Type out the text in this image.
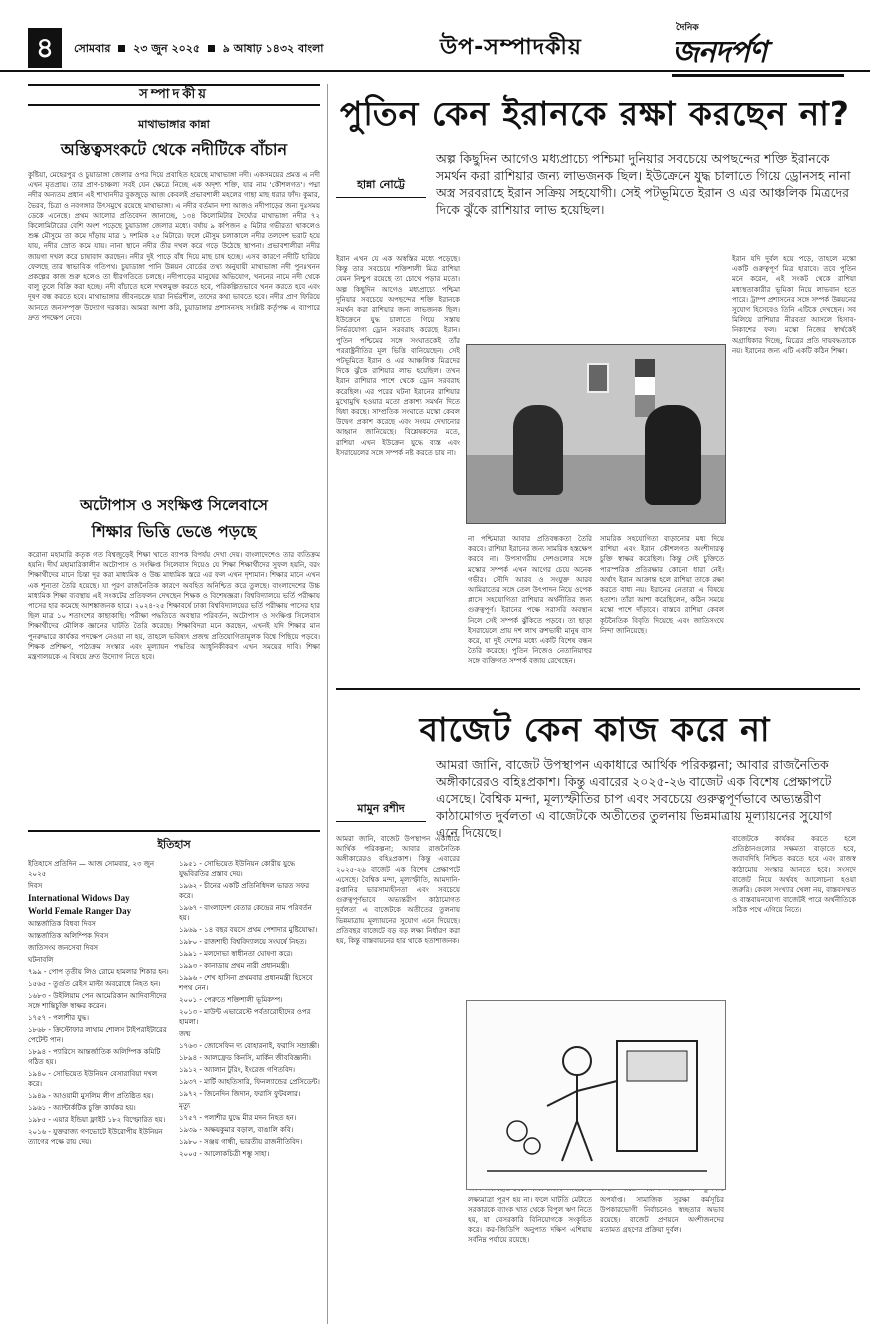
৪	সোমবার ২৩ জুন ২০২৫ ৯ আষাঢ় ১৪৩২ বাংলা	উপ-সম্পাদকীয়
দৈনিক
জনদর্পণ
সম্পাদকীয়
মাথাভাঙ্গার কান্না
অস্তিত্বসংকটে থেকে নদীটিকে বাঁচান
কুষ্টিয়া, মেহেরপুর ও চুয়াডাঙ্গা জেলার ওপর দিয়ে প্রবাহিত হয়েছে মাথাভাঙ্গা নদী। একসময়ের প্রমত্ত এ নদী এখন মৃতপ্রায়। তার প্রাণ-চাঞ্চল্য সবই যেন ক্ষেত্রে নিচ্ছে এক অদৃশ্য শক্তি, যার নাম 'কৌশলগত'। পদ্মা নদীর অন্যতম প্রধান এই শাখানদীর বুকজুড়ে আজ কেবলই প্রভাবশালী মহলের গাছা মাছ ধরার ফাঁদ। কুমার, ভৈরব, চিত্রা ও নবগঙ্গার উৎসমুখে রয়েছে মাথাভাঙ্গা। এ নদীর বর্তমান দশা আজও নদীপাড়ের জন্য দুঃসময় ডেকে এনেছে। প্রথম আলোর প্রতিবেদন জানাচ্ছে, ১৩৪ কিলোমিটার দৈর্ঘ্যের মাথাভাঙ্গা নদীর ৭২ কিলোমিটারের বেশি অংশ পড়েছে চুয়াডাঙ্গা জেলার মধ্যে। বর্ষায় ৯ কপিজন ৫ মিটার গভীরতা থাকলেও শুষ্ক মৌসুমে তা কমে দাঁড়ায় মাত্র ১ দশমিক ২৫ মিটারে। ফলে মৌসুম চলাকালে নদীর তলদেশ ভরাট হয়ে যায়, নদীর স্রোত কমে যায়। নানা স্থানে নদীর তীর দখল করে গড়ে উঠেছে স্থাপনা। প্রভাবশালীরা নদীর জায়গা দখল করে চাষাবাদ করছেন। নদীর দুই পাড়ে বাঁধ দিয়ে মাছ চাষ হচ্ছে। এসব কারণে নদীটি হারিয়ে ফেলছে তার স্বাভাবিক গতিপথ। চুয়াডাঙ্গা পানি উন্নয়ন বোর্ডের তথ্য অনুযায়ী মাথাভাঙ্গা নদী পুনঃখনন প্রকল্পের কাজ শুরু হলেও তা ধীরগতিতে চলছে। নদীপাড়ের মানুষের অভিযোগ, খননের নামে নদী থেকে বালু তুলে বিক্রি করা হচ্ছে। নদী বাঁচাতে হলে দখলমুক্ত করতে হবে, পরিকল্পিতভাবে খনন করতে হবে এবং দূষণ বন্ধ করতে হবে। মাথাভাঙ্গার জীবনচক্রে যারা নির্ভরশীল, তাদের কথা ভাবতে হবে। নদীর প্রাণ ফিরিয়ে আনতে জনসম্পৃক্ত উদ্যোগ দরকার। আমরা আশা করি, চুয়াডাঙ্গার প্রশাসনসহ সংশ্লিষ্ট কর্তৃপক্ষ এ ব্যাপারে দ্রুত পদক্ষেপ নেবে।
অটোপাস ও সংক্ষিপ্ত সিলেবাসে
শিক্ষার ভিত্তি ভেঙে পড়ছে
করোনা মহামারি কতৃক গত বিশ্বজুড়েই শিক্ষা খাতে ব্যাপক বিপর্যয় দেখা দেয়। বাংলাদেশেও তার ব্যতিক্রম হয়নি। দীর্ঘ মহামারিকালীন অটোপাস ও সংক্ষিপ্ত সিলেবাস দিয়েও যে শিক্ষা শিক্ষার্থীদের সুফল হয়নি, বরং শিক্ষার্থীদের মানে চিন্তা দূর করা মাধ্যমিক ও উচ্চ মাধ্যমিক স্তরে এর ফল এখন দৃশ্যমান। শিক্ষার মানে এখন এক শূন্যতা তৈরি হয়েছে। যা পূরণ রাজনৈতিক কারণে অবহিত অনিশ্চিত করে তুলছে। বাংলাদেশের উচ্চ মাধ্যমিক শিক্ষা ব্যবস্থায় এই সংকটের প্রতিফলন দেখছেন শিক্ষক ও বিশেষজ্ঞরা। বিশ্ববিদ্যালয়ে ভর্তি পরীক্ষায় পাসের হার কমেছে আশঙ্কাজনক হারে। ২০২৪-২৫ শিক্ষাবর্ষে ঢাকা বিশ্ববিদ্যালয়ের ভর্তি পরীক্ষায় পাসের হার ছিল মাত্র ১০ শতাংশের কাছাকাছি। পরীক্ষা পদ্ধতিতে অবস্থার পরিবর্তন, অটোপাস ও সংক্ষিপ্ত সিলেবাস শিক্ষার্থীদের মৌলিক জ্ঞানের ঘাটতি তৈরি করেছে। শিক্ষাবিদরা মনে করছেন, এখনই যদি শিক্ষার মান পুনরুদ্ধারে কার্যকর পদক্ষেপ নেওয়া না হয়, তাহলে ভবিষ্যৎ প্রজন্ম প্রতিযোগিতামূলক বিশ্বে পিছিয়ে পড়বে। শিক্ষক প্রশিক্ষণ, পাঠ্যক্রম সংস্কার এবং মূল্যায়ন পদ্ধতির আধুনিকীকরণ এখন সময়ের দাবি। শিক্ষা মন্ত্রণালয়কে এ বিষয়ে দ্রুত উদ্যোগ নিতে হবে।
ইতিহাস
ইতিহাসে প্রতিদিন — আজ সোমবার, ২৩ জুন ২০২৫
দিবস
International Widows Day
World Female Ranger Day
আন্তর্জাতিক বিধবা দিবস
আন্তর্জাতিক অলিম্পিক দিবস
জাতিসংঘ জনসেবা দিবস
ঘটনাবলি
৭৯৯ - পোপ তৃতীয় লিও রোমে হামলার শিকার হন।
১৫৬৫ - তুর্গুত রেইস মাল্টা অবরোধে নিহত হন।
১৬৮৩ - উইলিয়াম পেন আমেরিকান আদিবাসীদের সঙ্গে শান্তিচুক্তি স্বাক্ষর করেন।
১৭৫৭ - পলাশীর যুদ্ধ।
১৮৬৮ - ক্রিস্টোফার লাথাম শোলস টাইপরাইটারের পেটেন্ট পান।
১৮৯৪ - প্যারিসে আন্তর্জাতিক অলিম্পিক কমিটি গঠিত হয়।
১৯৪০ - সোভিয়েত ইউনিয়ন বেসারাবিয়া দখল করে।
১৯৪৯ - আওয়ামী মুসলিম লীগ প্রতিষ্ঠিত হয়।
১৯৬১ - অ্যান্টার্কটিক চুক্তি কার্যকর হয়।
১৯৮৫ - এয়ার ইন্ডিয়া ফ্লাইট ১৮২ বিস্ফোরিত হয়।
২০১৬ - যুক্তরাজ্য গণভোটে ইউরোপীয় ইউনিয়ন ত্যাগের পক্ষে রায় দেয়।
১৯৫১ - সোভিয়েত ইউনিয়ন কোরীয় যুদ্ধে যুদ্ধবিরতির প্রস্তাব দেয়।
১৯৬২ - চীনের একটি প্রতিনিধিদল ভারত সফর করে।
১৯৬৭ - বাংলাদেশ বেতার কেন্দ্রের নাম পরিবর্তন হয়।
১৯৬৯ - ১৪ বছর বয়সে প্রথম পেশাদার মুষ্টিযোদ্ধা।
১৯৮০ - রাজশাহী বিশ্ববিদ্যালয়ে সংঘর্ষে নিহত।
১৯৯১ - মলদোভা স্বাধীনতা ঘোষণা করে।
১৯৯৩ - কানাডায় প্রথম নারী প্রধানমন্ত্রী।
১৯৯৬ - শেখ হাসিনা প্রথমবার প্রধানমন্ত্রী হিসেবে শপথ নেন।
২০০১ - পেরুতে শক্তিশালী ভূমিকম্প।
২০১৩ - মাউন্ট এভারেস্টে পর্বতারোহীদের ওপর হামলা।
জন্ম
১৭৬৩ - জোসেফিন দ্য বোহারনাই, ফরাসি সম্রাজ্ঞী।
১৮৯৪ - আলফ্রেড কিনসি, মার্কিন জীববিজ্ঞানী।
১৯১২ - অ্যালান টুরিং, ইংরেজ গণিতবিদ।
১৯৩৭ - মার্টি আহতিসারি, ফিনল্যান্ডের প্রেসিডেন্ট।
১৯৭২ - জিনেদিন জিদান, ফরাসি ফুটবলার।
মৃত্যু
১৭৫৭ - পলাশীর যুদ্ধে মীর মদন নিহত হন।
১৯৩৯ - অক্ষয়কুমার বড়াল, বাঙালি কবি।
১৯৮০ - সঞ্জয় গান্ধী, ভারতীয় রাজনীতিবিদ।
২০০৫ - আলোকচিত্রী শম্ভু সাহা।
পুতিন কেন ইরানকে রক্ষা করছেন না?

অল্প কিছুদিন আগেও মধ্যপ্রাচ্যে পশ্চিমা দুনিয়ার সবচেয়ে অপছন্দের শক্তি ইরানকে সমর্থন করা রাশিয়ার জন্য লাভজনক ছিল। ইউক্রেনে যুদ্ধ চালাতে গিয়ে ড্রোনসহ নানা অস্ত্র সরবরাহে ইরান সক্রিয় সহযোগী। সেই পটভূমিতে ইরান ও এর আঞ্চলিক মিত্রদের দিকে ঝুঁকে রাশিয়ার লাভ হয়েছিল।

হান্না নোট্টে
ইরান এখন যে এক অস্বস্তির মধ্যে পড়েছে। কিন্তু তার সবচেয়ে শক্তিশালী মিত্র রাশিয়া যেমন নিশ্চুপ রয়েছে তা চোখে পড়ার মতো। অল্প কিছুদিন আগেও মধ্যপ্রাচ্যে পশ্চিমা দুনিয়ার সবচেয়ে অপছন্দের শক্তি ইরানকে সমর্থন করা রাশিয়ার জন্য লাভজনক ছিল। ইউক্রেনে যুদ্ধ চালাতে গিয়ে সস্তায় নির্ভরযোগ্য ড্রোন সরবরাহ করেছে ইরান। পুতিন পশ্চিমের সঙ্গে সংঘাতকেই তাঁর পররাষ্ট্রনীতির মূল ভিত্তি বানিয়েছেন। সেই পটভূমিতে ইরান ও এর আঞ্চলিক মিত্রদের দিকে ঝুঁকে রাশিয়ার লাভ হয়েছিল। তখন ইরান রাশিয়ার পাশে থেকে ড্রোন সরবরাহ করেছিল। এর পরের ঘটনা ইরানের রাশিয়ার মুখোমুখি হওয়ার মতো প্রকাশ্য সমর্থন দিতে দ্বিধা করছে। সাম্প্রতিক সংঘাতে মস্কো কেবল উদ্বেগ প্রকাশ করেছে এবং সংযম দেখানোর আহ্বান জানিয়েছে। বিশ্লেষকদের মতে, রাশিয়া এখন ইউক্রেন যুদ্ধে ব্যস্ত এবং ইসরায়েলের সঙ্গে সম্পর্ক নষ্ট করতে চায় না।
না পশ্চিমারা আবার প্রতিবন্ধকতা তৈরি করবে। রাশিয়া ইরানের জন্য সামরিক হস্তক্ষেপ করবে না। উপসাগরীয় দেশগুলোর সঙ্গে মস্কোর সম্পর্ক এখন আগের চেয়ে অনেক গভীর। সৌদি আরব ও সংযুক্ত আরব আমিরাতের সঙ্গে তেল উৎপাদন নিয়ে ওপেক প্লাসে সহযোগিতা রাশিয়ার অর্থনীতির জন্য গুরুত্বপূর্ণ। ইরানের পক্ষে সরাসরি অবস্থান নিলে সেই সম্পর্ক ঝুঁকিতে পড়বে। তা ছাড়া ইসরায়েলে প্রায় দশ লাখ রুশভাষী মানুষ বাস করে, যা দুই দেশের মধ্যে একটি বিশেষ বন্ধন তৈরি করেছে। পুতিন নিজেও নেতানিয়াহুর সঙ্গে ব্যক্তিগত সম্পর্ক বজায় রেখেছেন।
সামরিক সহযোগিতা বাড়ানোর মধ্য দিয়ে রাশিয়া এবং ইরান কৌশলগত অংশীদারত্ব চুক্তি স্বাক্ষর করেছিল। কিন্তু সেই চুক্তিতে পারস্পরিক প্রতিরক্ষার কোনো ধারা নেই। অর্থাৎ ইরান আক্রান্ত হলে রাশিয়া তাকে রক্ষা করতে বাধ্য নয়। ইরানের নেতারা এ বিষয়ে হতাশ। তাঁরা আশা করেছিলেন, কঠিন সময়ে মস্কো পাশে দাঁড়াবে। বাস্তবে রাশিয়া কেবল কূটনৈতিক বিবৃতি দিয়েছে এবং জাতিসংঘে নিন্দা জানিয়েছে।
ইরান যদি দুর্বল হয়ে পড়ে, তাহলে মস্কো একটি গুরুত্বপূর্ণ মিত্র হারাবে। তবে পুতিন মনে করেন, এই সংকট থেকে রাশিয়া মধ্যস্থতাকারীর ভূমিকা নিয়ে লাভবান হতে পারে। ট্রাম্প প্রশাসনের সঙ্গে সম্পর্ক উন্নয়নের সুযোগ হিসেবেও তিনি এটিকে দেখছেন। সব মিলিয়ে রাশিয়ার নীরবতা আসলে হিসাব-নিকাশের ফল। মস্কো নিজের স্বার্থকেই অগ্রাধিকার দিচ্ছে, মিত্রের প্রতি দায়বদ্ধতাকে নয়। ইরানের জন্য এটি একটি কঠিন শিক্ষা।
বাজেট কেন কাজ করে না

আমরা জানি, বাজেট উপস্থাপন একাধারে আর্থিক পরিকল্পনা; আবার রাজনৈতিক অঙ্গীকারেরও বহিঃপ্রকাশ। কিন্তু এবারের ২০২৫-২৬ বাজেট এক বিশেষ প্রেক্ষাপটে এসেছে। বৈশ্বিক মন্দা, মূল্যস্ফীতির চাপ এবং সবচেয়ে গুরুত্বপূর্ণভাবে অভ্যন্তরীণ কাঠামোগত দুর্বলতা এ বাজেটকে অতীতের তুলনায় ভিন্নমাত্রায় মূল্যায়নের সুযোগ এনে দিয়েছে।

মামুন রশীদ
আমরা জানি, বাজেট উপস্থাপন একাধারে আর্থিক পরিকল্পনা; আবার রাজনৈতিক অঙ্গীকারেরও বহিঃপ্রকাশ। কিন্তু এবারের ২০২৫-২৬ বাজেট এক বিশেষ প্রেক্ষাপটে এসেছে। বৈশ্বিক মন্দা, মূল্যস্ফীতি, আমদানি-রপ্তানির ভারসাম্যহীনতা এবং সবচেয়ে গুরুত্বপূর্ণভাবে অভ্যন্তরীণ কাঠামোগত দুর্বলতা এ বাজেটকে অতীতের তুলনায় ভিন্নমাত্রায় মূল্যায়নের সুযোগ এনে দিয়েছে। প্রতিবছর বাজেটে বড় বড় লক্ষ্য নির্ধারণ করা হয়, কিন্তু বাস্তবায়নের হার থাকে হতাশাজনক।
লক্ষ্যমাত্রা পূরণ হয় না। ফলে ঘাটতি মেটাতে সরকারকে ব্যাংক খাত থেকে বিপুল ঋণ নিতে হয়, যা বেসরকারি বিনিয়োগকে সংকুচিত করে। কর-জিডিপি অনুপাত দক্ষিণ এশিয়ায় সর্বনিম্ন পর্যায়ে রয়েছে।
অপর্যাপ্ত। সামাজিক সুরক্ষা কর্মসূচির উপকারভোগী নির্বাচনেও স্বচ্ছতার অভাব রয়েছে। বাজেট প্রণয়নে অংশীজনদের মতামত গ্রহণের প্রক্রিয়া দুর্বল।
বাজেটকে কার্যকর করতে হলে প্রতিষ্ঠানগুলোর সক্ষমতা বাড়াতে হবে, জবাবদিহি নিশ্চিত করতে হবে এবং রাজস্ব কাঠামোয় সংস্কার আনতে হবে। সংসদে বাজেট নিয়ে অর্থবহ আলোচনা হওয়া জরুরি। কেবল সংখ্যার খেলা নয়, বাস্তবসম্মত ও বাস্তবায়নযোগ্য বাজেটই পারে অর্থনীতিকে সঠিক পথে এগিয়ে নিতে।
